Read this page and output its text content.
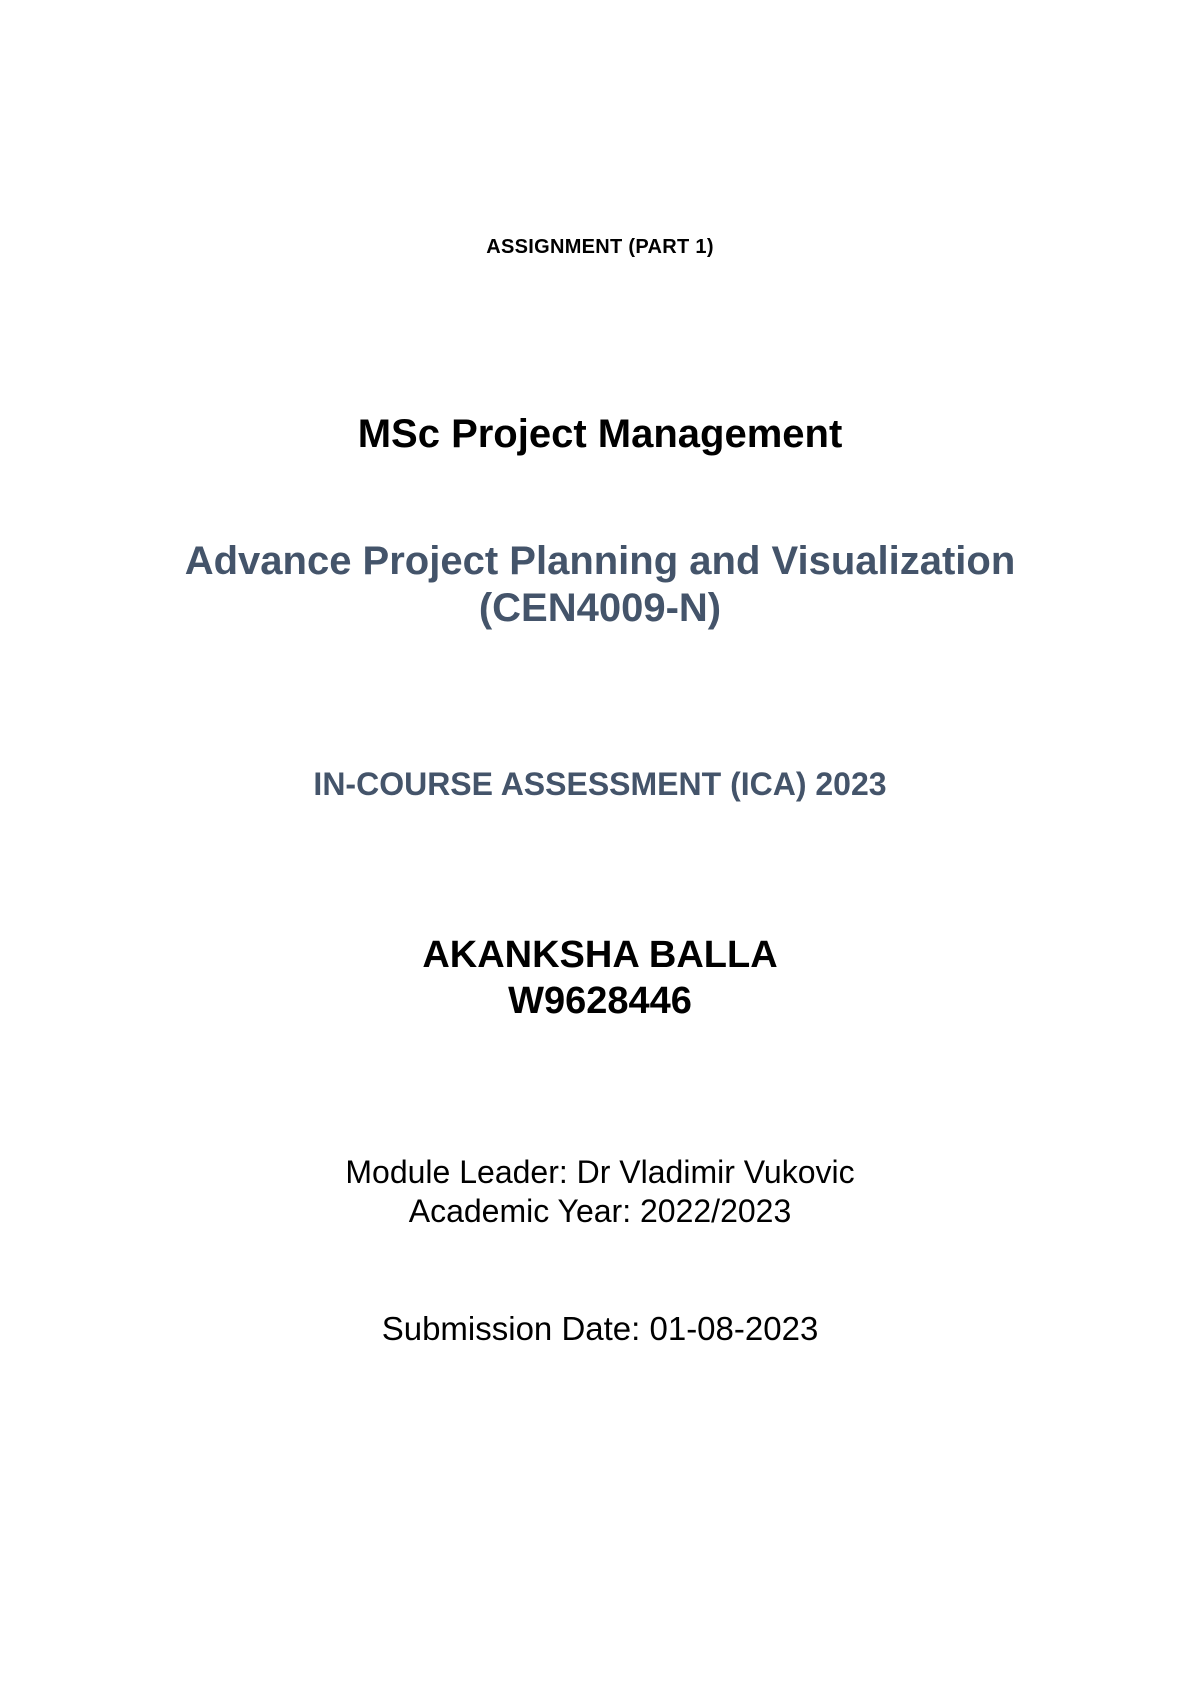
ASSIGNMENT (PART 1)

MSc Project Management

Advance Project Planning and Visualization

(CEN4009-N)

IN-COURSE ASSESSMENT (ICA) 2023

AKANKSHA BALLA

W9628446

Module Leader: Dr Vladimir Vukovic

Academic Year: 2022/2023

Submission Date: 01-08-2023
